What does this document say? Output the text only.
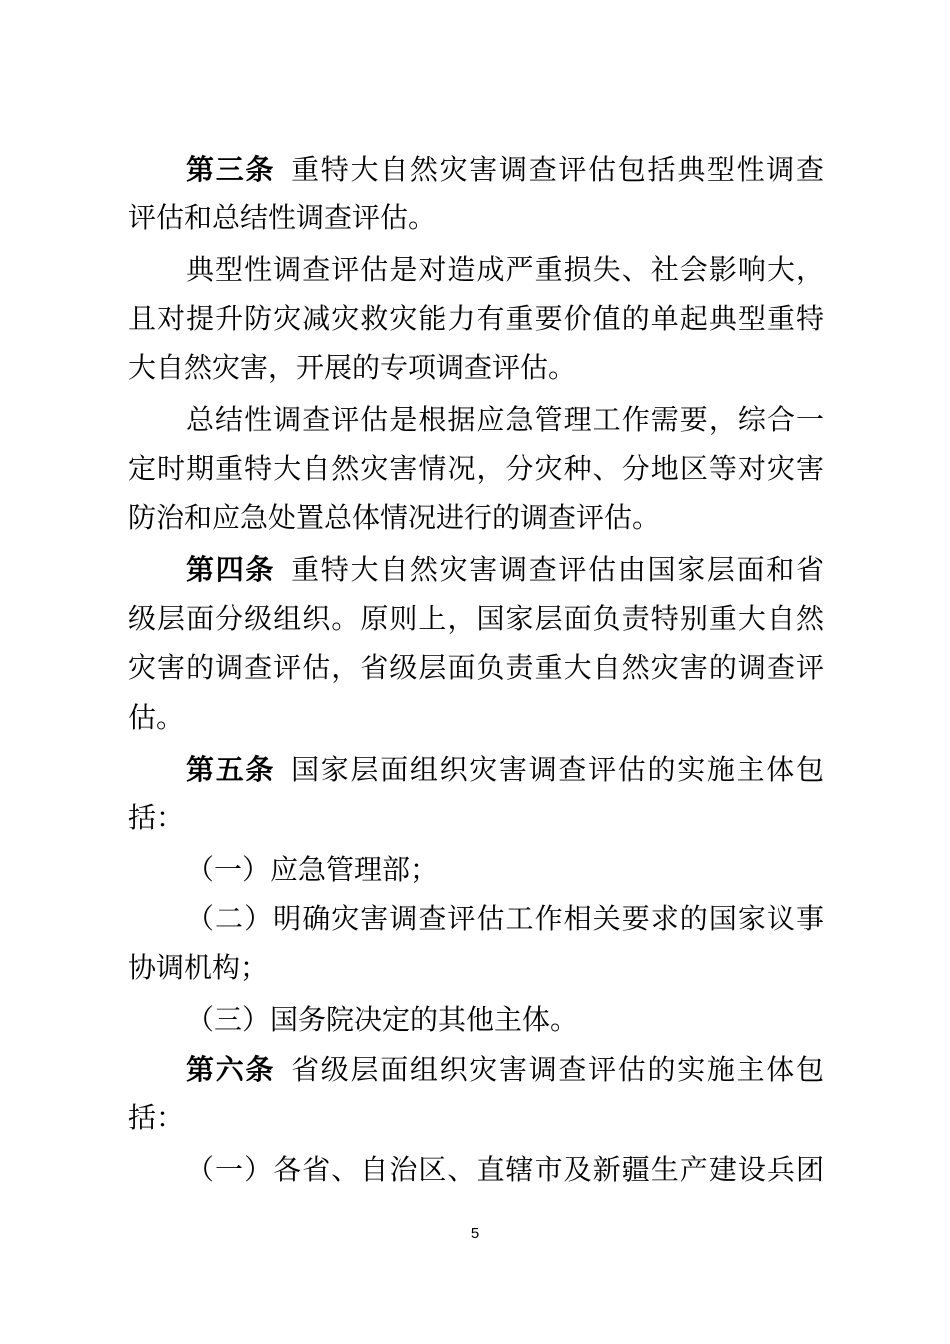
第三条 重特大自然灾害调查评估包括典型性调查
评估和总结性调查评估。
典型性调查评估是对造成严重损失、社会影响大，
且对提升防灾减灾救灾能力有重要价值的单起典型重特
大自然灾害，开展的专项调查评估。
总结性调查评估是根据应急管理工作需要，综合一
定时期重特大自然灾害情况，分灾种、分地区等对灾害
防治和应急处置总体情况进行的调查评估。
第四条 重特大自然灾害调查评估由国家层面和省
级层面分级组织。原则上，国家层面负责特别重大自然
灾害的调查评估，省级层面负责重大自然灾害的调查评
估。
第五条 国家层面组织灾害调查评估的实施主体包
括：
（一）应急管理部；
（二）明确灾害调查评估工作相关要求的国家议事
协调机构；
（三）国务院决定的其他主体。
第六条 省级层面组织灾害调查评估的实施主体包
括：
（一）各省、自治区、直辖市及新疆生产建设兵团
5
